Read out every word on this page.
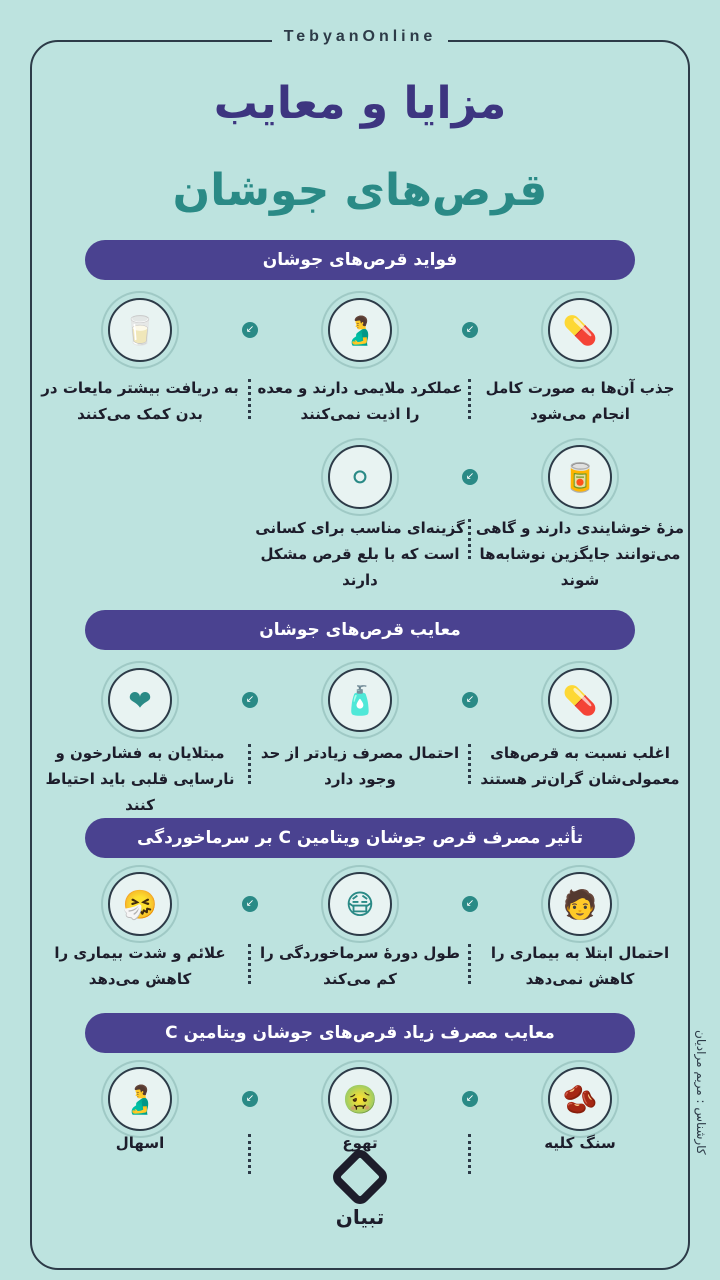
TebyanOnline
مزایا و معایب
قرص‌های جوشان
فواید قرص‌های جوشان
💊
جذب آن‌ها به صورت کامل انجام می‌شود
↙
🫃
عملکرد ملایمی دارند و معده را اذیت نمی‌کنند
↙
🥛
به دریافت بیشتر مایعات در بدن کمک می‌کنند
🥫
مزهٔ خوشایندی دارند و گاهی می‌توانند جایگزین نوشابه‌ها شوند
↙
⚪
گزینه‌ای مناسب برای کسانی است که با بلع قرص مشکل دارند
معایب قرص‌های جوشان
💊
اغلب نسبت به قرص‌های معمولی‌شان گران‌تر هستند
↙
🧴
احتمال مصرف زیادتر از حد وجود دارد
↙
❤
مبتلایان به فشارخون و نارسایی قلبی باید احتیاط کنند
تأثیر مصرف قرص جوشان ویتامین C بر سرماخوردگی
🧑
احتمال ابتلا به بیماری را کاهش نمی‌دهد
↙
😷
طول دورهٔ سرماخوردگی را کم می‌کند
↙
🤧
علائم و شدت بیماری را کاهش می‌دهد
معایب مصرف زیاد قرص‌های جوشان ویتامین C
🫘
سنگ کلیه
↙
🤢
تهوع
↙
🫃
اسهال	کارشناس : مریم مرادیان
تبیان
